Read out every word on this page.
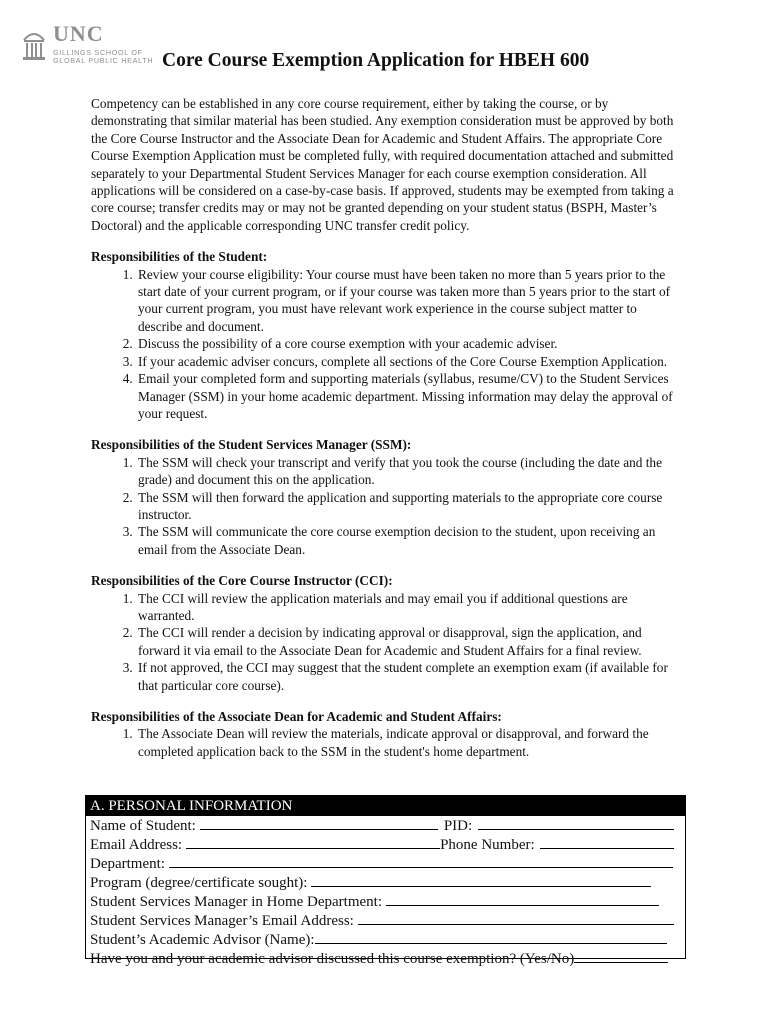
UNC
GILLINGS SCHOOL OF
GLOBAL PUBLIC HEALTH Core Course Exemption Application for HBEH 600

Competency can be established in any core course requirement, either by taking the course, or by demonstrating that similar material has been studied. Any exemption consideration must be approved by both the Core Course Instructor and the Associate Dean for Academic and Student Affairs. The appropriate Core Course Exemption Application must be completed fully, with required documentation attached and submitted separately to your Departmental Student Services Manager for each course exemption consideration. All applications will be considered on a case-by-case basis. If approved, students may be exempted from taking a core course; transfer credits may or may not be granted depending on your student status (BSPH, Master’s Doctoral) and the applicable corresponding UNC transfer credit policy.

Responsibilities of the Student:

1. Review your course eligibility: Your course must have been taken no more than 5 years prior to the start date of your current program, or if your course was taken more than 5 years prior to the start of your current program, you must have relevant work experience in the course subject matter to describe and document.
2. Discuss the possibility of a core course exemption with your academic adviser.
3. If your academic adviser concurs, complete all sections of the Core Course Exemption Application.
4. Email your completed form and supporting materials (syllabus, resume/CV) to the Student Services Manager (SSM) in your home academic department. Missing information may delay the approval of your request.

Responsibilities of the Student Services Manager (SSM):

1. The SSM will check your transcript and verify that you took the course (including the date and the grade) and document this on the application.
2. The SSM will then forward the application and supporting materials to the appropriate core course instructor.
3. The SSM will communicate the core course exemption decision to the student, upon receiving an email from the Associate Dean.

Responsibilities of the Core Course Instructor (CCI):

1. The CCI will review the application materials and may email you if additional questions are warranted.
2. The CCI will render a decision by indicating approval or disapproval, sign the application, and forward it via email to the Associate Dean for Academic and Student Affairs for a final review.
3. If not approved, the CCI may suggest that the student complete an exemption exam (if available for that particular core course).

Responsibilities of the Associate Dean for Academic and Student Affairs:

1. The Associate Dean will review the materials, indicate approval or disapproval, and forward the completed application back to the SSM in the student's home department.
A. PERSONAL INFORMATION
Name of Student:	PID:
Email Address:	Phone Number:
Department:
Program (degree/certificate sought):
Student Services Manager in Home Department:
Student Services Manager’s Email Address:
Student’s Academic Advisor (Name):
Have you and your academic advisor discussed this course exemption? (Yes/No)
